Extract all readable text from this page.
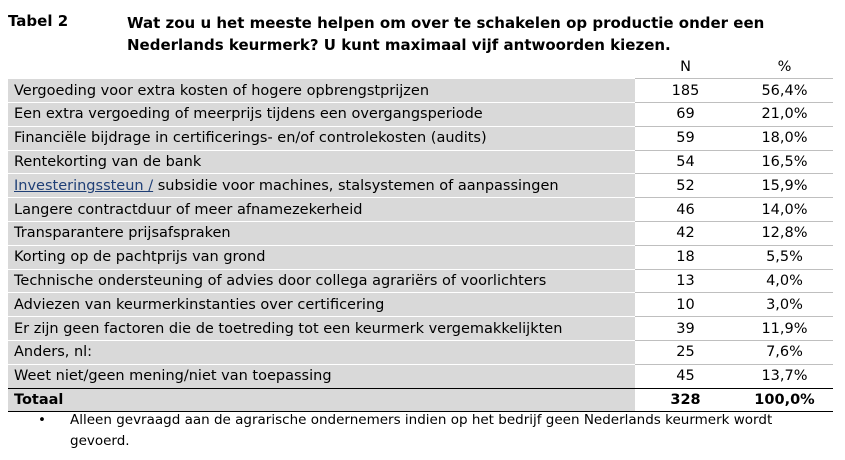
Tabel 2	Wat zou u het meeste helpen om over te schakelen op productie onder een Nederlands keurmerk? U kunt maximaal vijf antwoorden kiezen.
	N	%
Vergoeding voor extra kosten of hogere opbrengstprijzen	185	56,4%
Een extra vergoeding of meerprijs tijdens een overgangsperiode	69	21,0%
Financiële bijdrage in certificerings- en/of controlekosten (audits)	59	18,0%
Rentekorting van de bank	54	16,5%
Investeringssteun / subsidie voor machines, stalsystemen of aanpassingen	52	15,9%
Langere contractduur of meer afnamezekerheid	46	14,0%
Transparantere prijsafspraken	42	12,8%
Korting op de pachtprijs van grond	18	5,5%
Technische ondersteuning of advies door collega agrariërs of voorlichters	13	4,0%
Adviezen van keurmerkinstanties over certificering	10	3,0%
Er zijn geen factoren die de toetreding tot een keurmerk vergemakkelijkten	39	11,9%
Anders, nl:	25	7,6%
Weet niet/geen mening/niet van toepassing	45	13,7%
Totaal	328	100,0%
• Alleen gevraagd aan de agrarische ondernemers indien op het bedrijf geen Nederlands keurmerk wordt gevoerd.
